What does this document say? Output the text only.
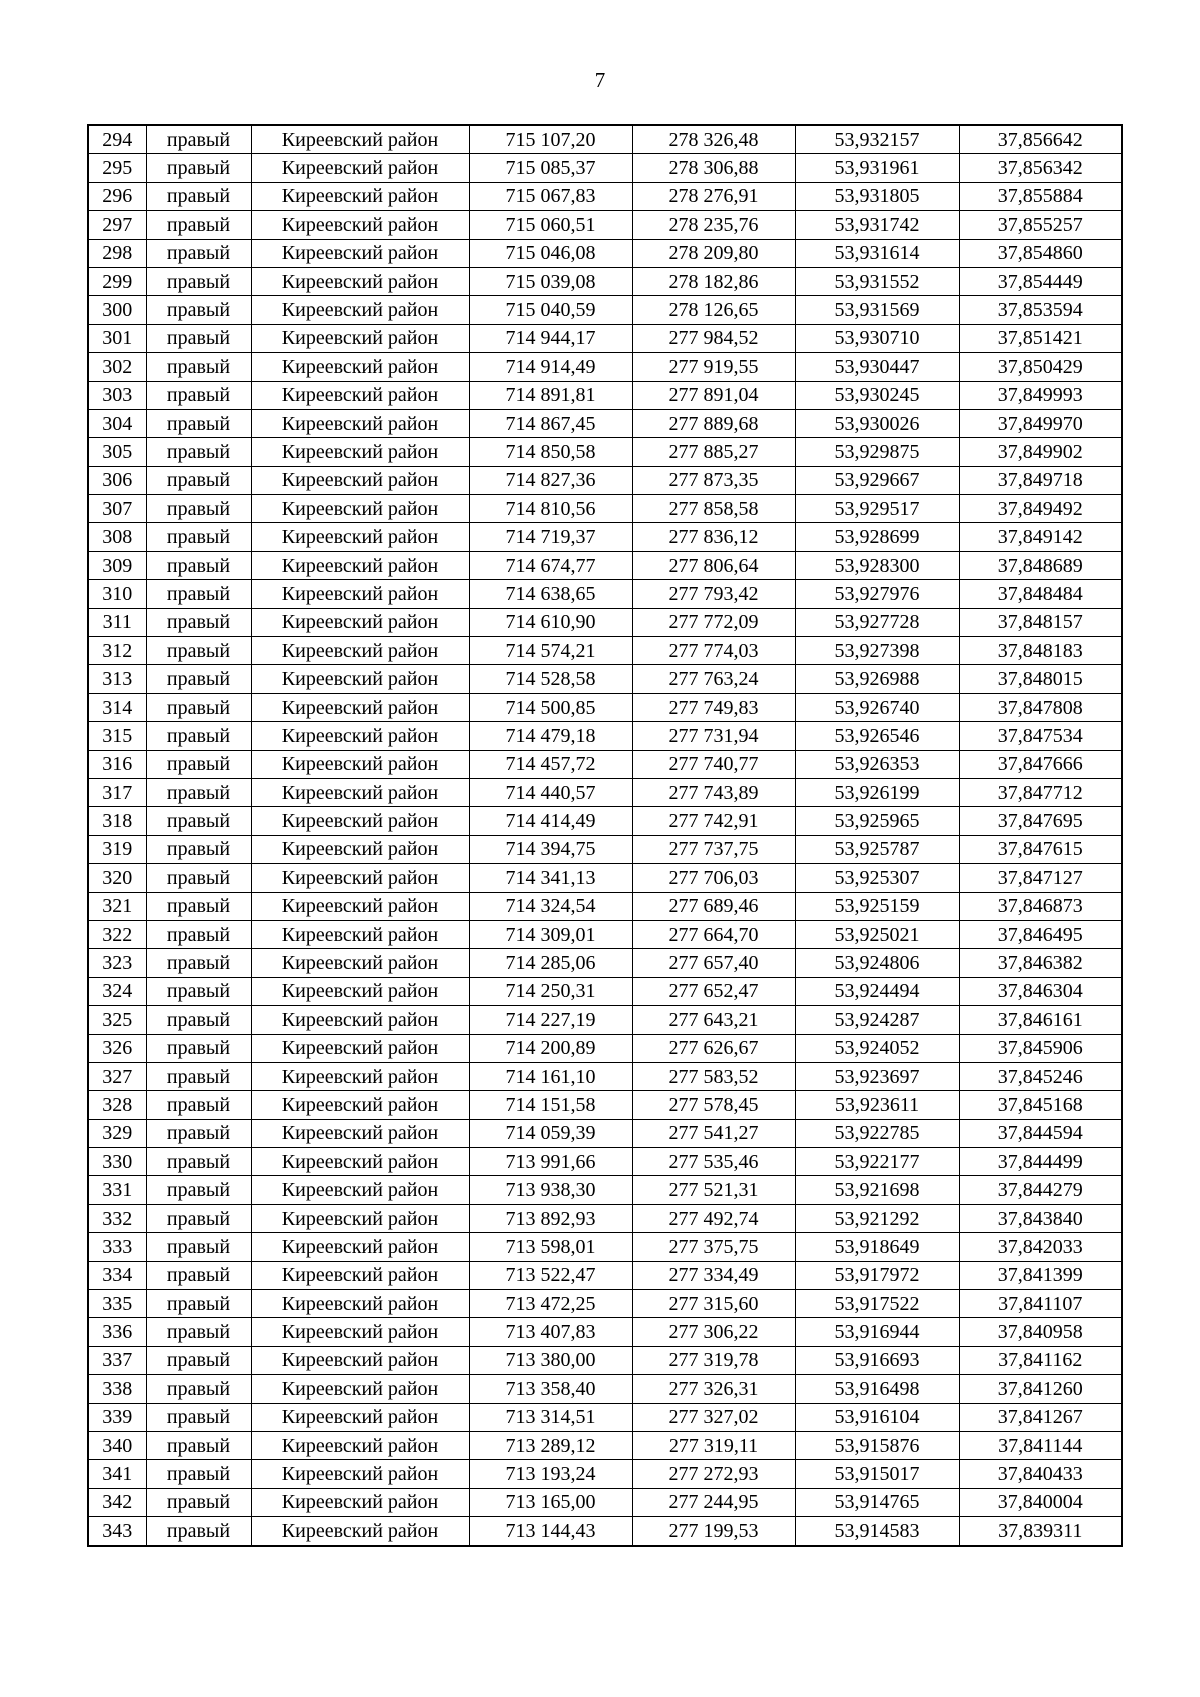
7
294	правый	Киреевский район	715 107,20	278 326,48	53,932157	37,856642
295	правый	Киреевский район	715 085,37	278 306,88	53,931961	37,856342
296	правый	Киреевский район	715 067,83	278 276,91	53,931805	37,855884
297	правый	Киреевский район	715 060,51	278 235,76	53,931742	37,855257
298	правый	Киреевский район	715 046,08	278 209,80	53,931614	37,854860
299	правый	Киреевский район	715 039,08	278 182,86	53,931552	37,854449
300	правый	Киреевский район	715 040,59	278 126,65	53,931569	37,853594
301	правый	Киреевский район	714 944,17	277 984,52	53,930710	37,851421
302	правый	Киреевский район	714 914,49	277 919,55	53,930447	37,850429
303	правый	Киреевский район	714 891,81	277 891,04	53,930245	37,849993
304	правый	Киреевский район	714 867,45	277 889,68	53,930026	37,849970
305	правый	Киреевский район	714 850,58	277 885,27	53,929875	37,849902
306	правый	Киреевский район	714 827,36	277 873,35	53,929667	37,849718
307	правый	Киреевский район	714 810,56	277 858,58	53,929517	37,849492
308	правый	Киреевский район	714 719,37	277 836,12	53,928699	37,849142
309	правый	Киреевский район	714 674,77	277 806,64	53,928300	37,848689
310	правый	Киреевский район	714 638,65	277 793,42	53,927976	37,848484
311	правый	Киреевский район	714 610,90	277 772,09	53,927728	37,848157
312	правый	Киреевский район	714 574,21	277 774,03	53,927398	37,848183
313	правый	Киреевский район	714 528,58	277 763,24	53,926988	37,848015
314	правый	Киреевский район	714 500,85	277 749,83	53,926740	37,847808
315	правый	Киреевский район	714 479,18	277 731,94	53,926546	37,847534
316	правый	Киреевский район	714 457,72	277 740,77	53,926353	37,847666
317	правый	Киреевский район	714 440,57	277 743,89	53,926199	37,847712
318	правый	Киреевский район	714 414,49	277 742,91	53,925965	37,847695
319	правый	Киреевский район	714 394,75	277 737,75	53,925787	37,847615
320	правый	Киреевский район	714 341,13	277 706,03	53,925307	37,847127
321	правый	Киреевский район	714 324,54	277 689,46	53,925159	37,846873
322	правый	Киреевский район	714 309,01	277 664,70	53,925021	37,846495
323	правый	Киреевский район	714 285,06	277 657,40	53,924806	37,846382
324	правый	Киреевский район	714 250,31	277 652,47	53,924494	37,846304
325	правый	Киреевский район	714 227,19	277 643,21	53,924287	37,846161
326	правый	Киреевский район	714 200,89	277 626,67	53,924052	37,845906
327	правый	Киреевский район	714 161,10	277 583,52	53,923697	37,845246
328	правый	Киреевский район	714 151,58	277 578,45	53,923611	37,845168
329	правый	Киреевский район	714 059,39	277 541,27	53,922785	37,844594
330	правый	Киреевский район	713 991,66	277 535,46	53,922177	37,844499
331	правый	Киреевский район	713 938,30	277 521,31	53,921698	37,844279
332	правый	Киреевский район	713 892,93	277 492,74	53,921292	37,843840
333	правый	Киреевский район	713 598,01	277 375,75	53,918649	37,842033
334	правый	Киреевский район	713 522,47	277 334,49	53,917972	37,841399
335	правый	Киреевский район	713 472,25	277 315,60	53,917522	37,841107
336	правый	Киреевский район	713 407,83	277 306,22	53,916944	37,840958
337	правый	Киреевский район	713 380,00	277 319,78	53,916693	37,841162
338	правый	Киреевский район	713 358,40	277 326,31	53,916498	37,841260
339	правый	Киреевский район	713 314,51	277 327,02	53,916104	37,841267
340	правый	Киреевский район	713 289,12	277 319,11	53,915876	37,841144
341	правый	Киреевский район	713 193,24	277 272,93	53,915017	37,840433
342	правый	Киреевский район	713 165,00	277 244,95	53,914765	37,840004
343	правый	Киреевский район	713 144,43	277 199,53	53,914583	37,839311
